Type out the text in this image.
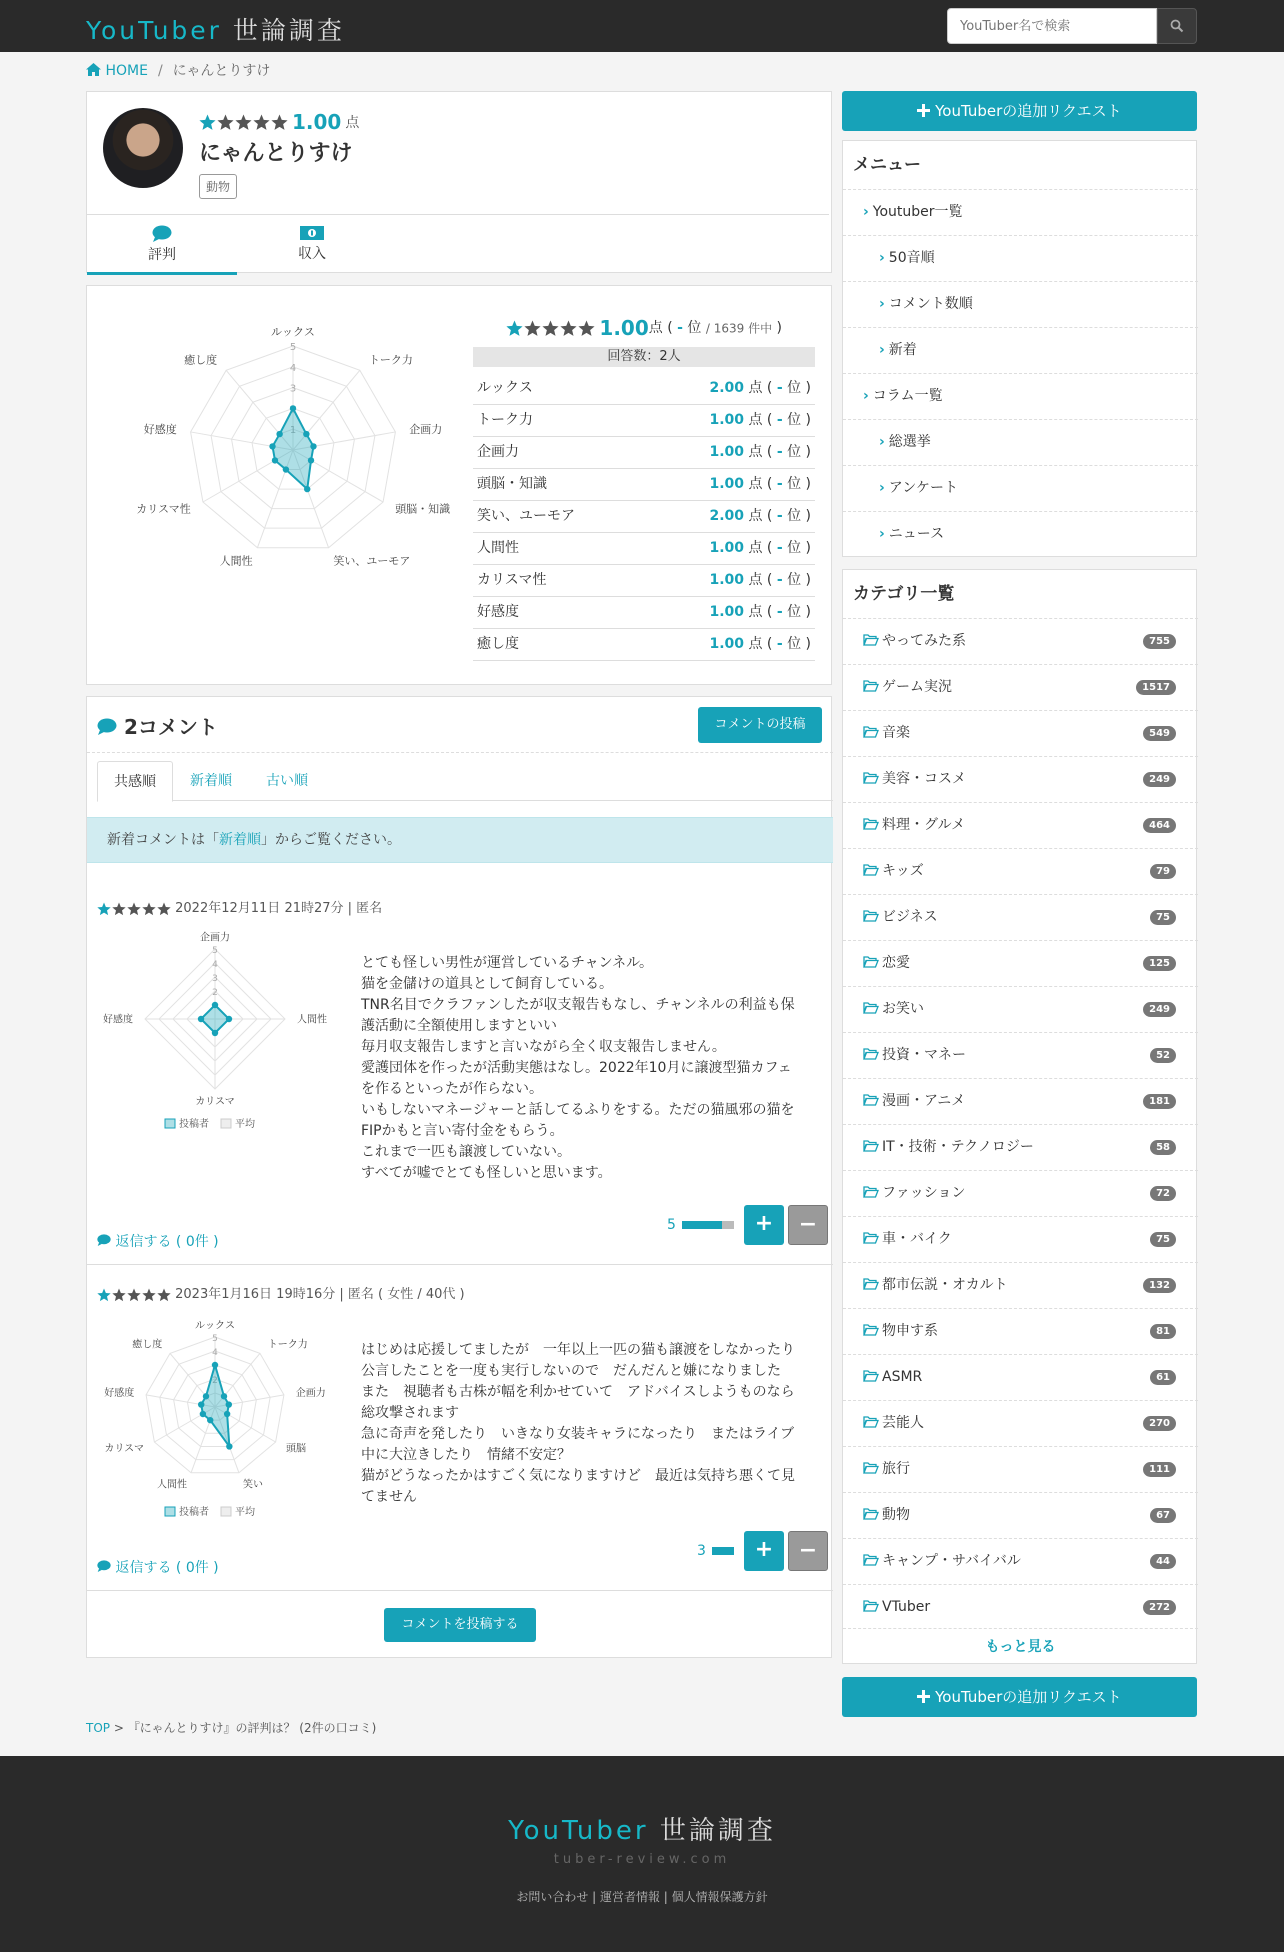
YouTuber 世論調査
YouTuber名で検索
HOME / にゃんとりすけ
1.00 点
にゃんとりすけ
動物
評判	収入
3
4
5
ルックス
トーク力
企画力
頭脳・知識
笑い、ユーモア
人間性
カリスマ性
好感度
癒し度
1.00点 ( - 位 / 1639 件中 )
回答数：2人
ルックス	2.00 点 ( - 位 )
トーク力	1.00 点 ( - 位 )
企画力	1.00 点 ( - 位 )
頭脳・知識	1.00 点 ( - 位 )
笑い、ユーモア	2.00 点 ( - 位 )
人間性	1.00 点 ( - 位 )
カリスマ性	1.00 点 ( - 位 )
好感度	1.00 点 ( - 位 )
癒し度	1.00 点 ( - 位 )
2コメント	コメントの投稿
共感順	新着順	古い順
新着コメントは「新着順」からご覧ください。
2022年12月11日 21時27分 | 匿名
2
3
4
5
企画力
人間性
カリスマ
好感度
投稿者	平均
とても怪しい男性が運営しているチャンネル。
猫を金儲けの道具として飼育している。
TNR名目でクラファンしたが収支報告もなし、チャンネルの利益も保護活動に全額使用しますといい
毎月収支報告しますと言いながら全く収支報告しません。
愛護団体を作ったが活動実態はなし。2022年10月に譲渡型猫カフェを作るといったが作らない。
いもしないマネージャーと話してるふりをする。ただの猫風邪の猫をFIPかもと言い寄付金をもらう。
これまで一匹も譲渡していない。
すべてが嘘でとても怪しいと思います。
5	+	−
返信する ( 0件 )
2023年1月16日 19時16分 | 匿名 ( 女性 / 40代 )
4
5
ルックス
トーク力
企画力
頭脳
笑い
人間性
カリスマ
好感度
癒し度
投稿者	平均
はじめは応援してましたが　一年以上一匹の猫も譲渡をしなかったり公言したことを一度も実行しないので　だんだんと嫌になりました
また　視聴者も古株が幅を利かせていて　アドバイスしようものなら総攻撃されます
急に奇声を発したり　いきなり女装キャラになったり　またはライブ中に大泣きしたり　情緒不安定？
猫がどうなったかはすごく気になりますけど　最近は気持ち悪くて見てません
3	+	−
返信する ( 0件 )
コメントを投稿する
YouTuberの追加リクエスト
メニュー
› Youtuber一覧
› 50音順
› コメント数順
› 新着
› コラム一覧
› 総選挙
› アンケート
› ニュース
カテゴリ一覧
やってみた系	755
ゲーム実況	1517
音楽	549
美容・コスメ	249
料理・グルメ	464
キッズ	79
ビジネス	75
恋愛	125
お笑い	249
投資・マネー	52
漫画・アニメ	181
IT・技術・テクノロジー	58
ファッション	72
車・バイク	75
都市伝説・オカルト	132
物申す系	81
ASMR	61
芸能人	270
旅行	111
動物	67
キャンプ・サバイバル	44
VTuber	272
もっと見る
YouTuberの追加リクエスト
TOP > 『にゃんとりすけ』の評判は？ (2件の口コミ)
YouTuber 世論調査
tuber-review.com
お問い合わせ | 運営者情報 | 個人情報保護方針
